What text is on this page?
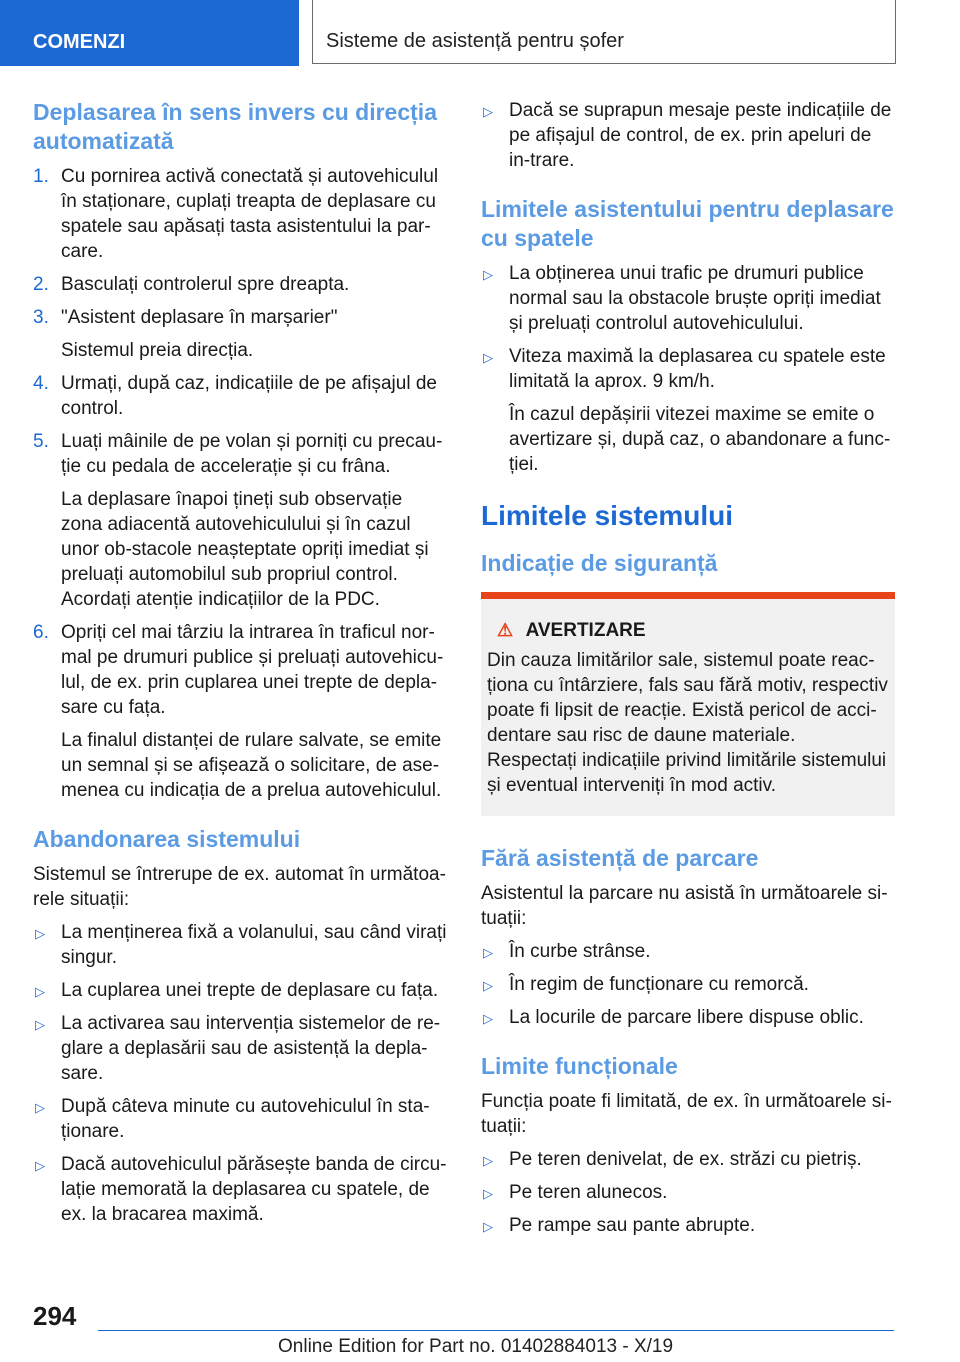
COMENZI	Sisteme de asistență pentru șofer
Deplasarea în sens invers cu direcția automatizată
1. Cu pornirea activă conectată și autovehiculul în staționare, cuplați treapta de deplasare cu spatele sau apăsați tasta asistentului la par‐care.
2. Basculați controlerul spre dreapta.
3. "Asistent deplasare în marșarier"
Sistemul preia direcția.
4. Urmați, după caz, indicațiile de pe afișajul de control.
5. Luați mâinile de pe volan și porniți cu precau‐ție cu pedala de accelerație și cu frâna.
La deplasare înapoi țineți sub observație zona adiacentă autovehiculului și în cazul unor ob‐stacole neașteptate opriți imediat și preluați automobilul sub propriul control. Acordați atenție indicațiilor de la PDC.
6. Opriți cel mai târziu la intrarea în traficul nor‐mal pe drumuri publice și preluați autovehicu‐lul, de ex. prin cuplarea unei trepte de depla‐sare cu fața.
La finalul distanței de rulare salvate, se emite un semnal și se afișează o solicitare, de ase‐menea cu indicația de a prelua autovehiculul.
Abandonarea sistemului
Sistemul se întrerupe de ex. automat în următoa‐rele situații:
▷ La menținerea fixă a volanului, sau când virați singur.
▷ La cuplarea unei trepte de deplasare cu fața.
▷ La activarea sau intervenția sistemelor de re‐glare a deplasării sau de asistență la depla‐sare.
▷ După câteva minute cu autovehiculul în sta‐ționare.
▷ Dacă autovehiculul părăsește banda de circu‐lație memorată la deplasarea cu spatele, de ex. la bracarea maximă.
▷ Dacă se suprapun mesaje peste indicațiile de pe afișajul de control, de ex. prin apeluri de in‐trare.
Limitele asistentului pentru deplasare cu spatele
▷ La obținerea unui trafic pe drumuri publice normal sau la obstacole bruște opriți imediat și preluați controlul autovehiculului.
▷ Viteza maximă la deplasarea cu spatele este limitată la aprox. 9 km/h.
În cazul depășirii vitezei maxime se emite o avertizare și, după caz, o abandonare a func‐ției.
Limitele sistemului
Indicație de siguranță
⚠ AVERTIZARE
Din cauza limitărilor sale, sistemul poate reac‐ționa cu întârziere, fals sau fără motiv, respectiv poate fi lipsit de reacție. Există pericol de acci‐dentare sau risc de daune materiale. Respectați indicațiile privind limitările sistemului și eventual interveniți în mod activ.
Fără asistență de parcare
Asistentul la parcare nu asistă în următoarele si‐tuații:
▷ În curbe strânse.
▷ În regim de funcționare cu remorcă.
▷ La locurile de parcare libere dispuse oblic.
Limite funcționale
Funcția poate fi limitată, de ex. în următoarele si‐tuații:
▷ Pe teren denivelat, de ex. străzi cu pietriș.
▷ Pe teren alunecos.
▷ Pe rampe sau pante abrupte.
294
Online Edition for Part no. 01402884013 - X/19
